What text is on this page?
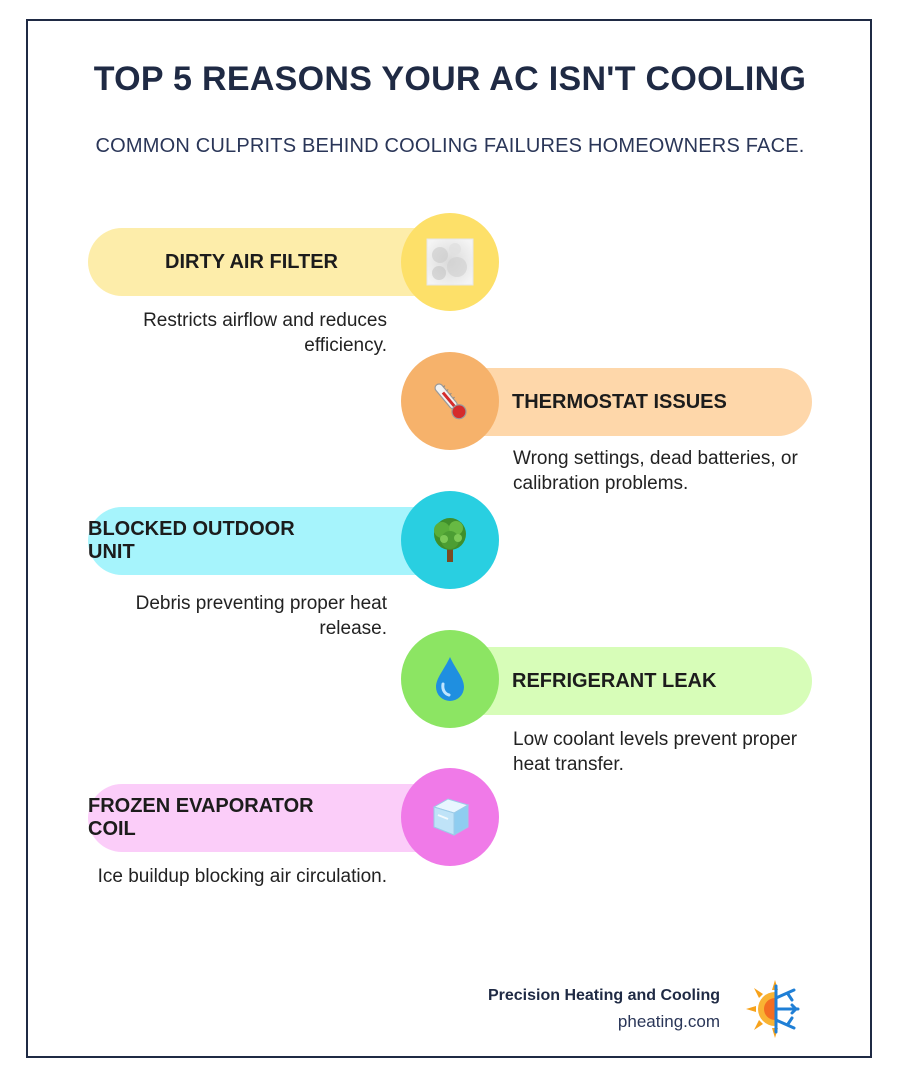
TOP 5 REASONS YOUR AC ISN'T COOLING
COMMON CULPRITS BEHIND COOLING FAILURES HOMEOWNERS FACE.
DIRTY AIR FILTER
Restricts airflow and reduces efficiency.
THERMOSTAT ISSUES
Wrong settings, dead batteries, or calibration problems.
BLOCKED OUTDOOR UNIT
Debris preventing proper heat release.
REFRIGERANT LEAK
Low coolant levels prevent proper heat transfer.
FROZEN EVAPORATOR COIL
Ice buildup blocking air circulation.
Precision Heating and Cooling
pheating.com
